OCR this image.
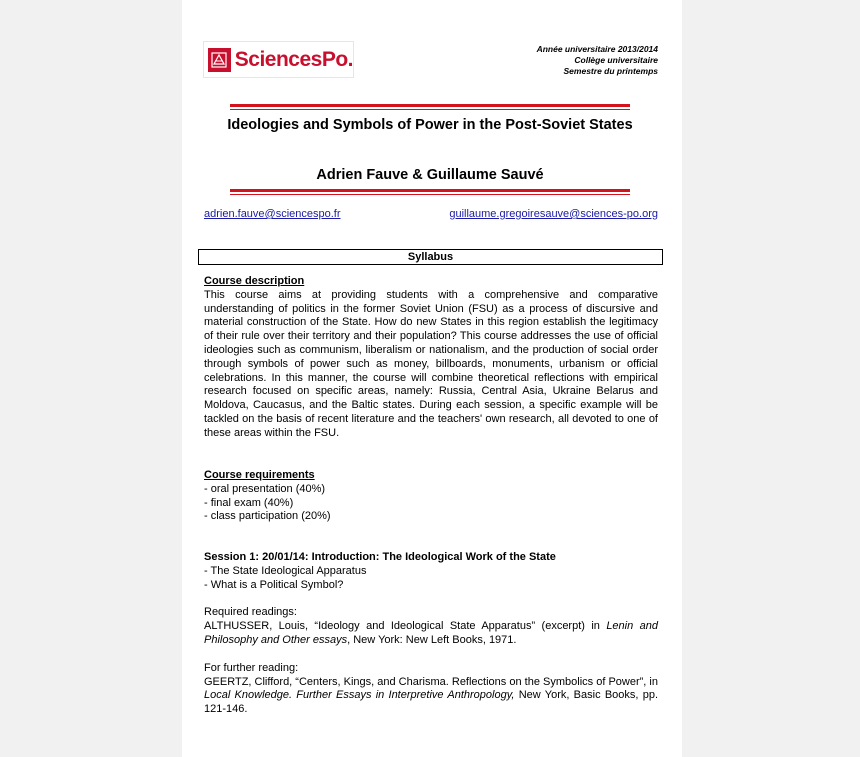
SciencesPo.	Année universitaire 2013/2014
Collège universitaire
Semestre du printemps
Ideologies and Symbols of Power in the Post-Soviet States
Adrien Fauve & Guillaume Sauvé
adrien.fauve@sciencespo.fr	guillaume.gregoiresauve@sciences-po.org
Syllabus
Course description
This course aims at providing students with a comprehensive and comparative understanding of politics in the former Soviet Union (FSU) as a process of discursive and material construction of the State. How do new States in this region establish the legitimacy of their rule over their territory and their population? This course addresses the use of official ideologies such as communism, liberalism or nationalism, and the production of social order through symbols of power such as money, billboards, monuments, urbanism or official celebrations. In this manner, the course will combine theoretical reflections with empirical research focused on specific areas, namely: Russia, Central Asia, Ukraine Belarus and Moldova, Caucasus, and the Baltic states. During each session, a specific example will be tackled on the basis of recent literature and the teachers' own research, all devoted to one of these areas within the FSU.
Course requirements
- oral presentation (40%)
- final exam (40%)
- class participation (20%)
Session 1: 20/01/14: Introduction: The Ideological Work of the State
- The State Ideological Apparatus
- What is a Political Symbol?
Required readings:
ALTHUSSER, Louis, “Ideology and Ideological State Apparatus” (excerpt) in Lenin and Philosophy and Other essays, New York: New Left Books, 1971.
For further reading:
GEERTZ, Clifford, “Centers, Kings, and Charisma. Reflections on the Symbolics of Power”, in Local Knowledge. Further Essays in Interpretive Anthropology, New York, Basic Books, pp. 121-146.
